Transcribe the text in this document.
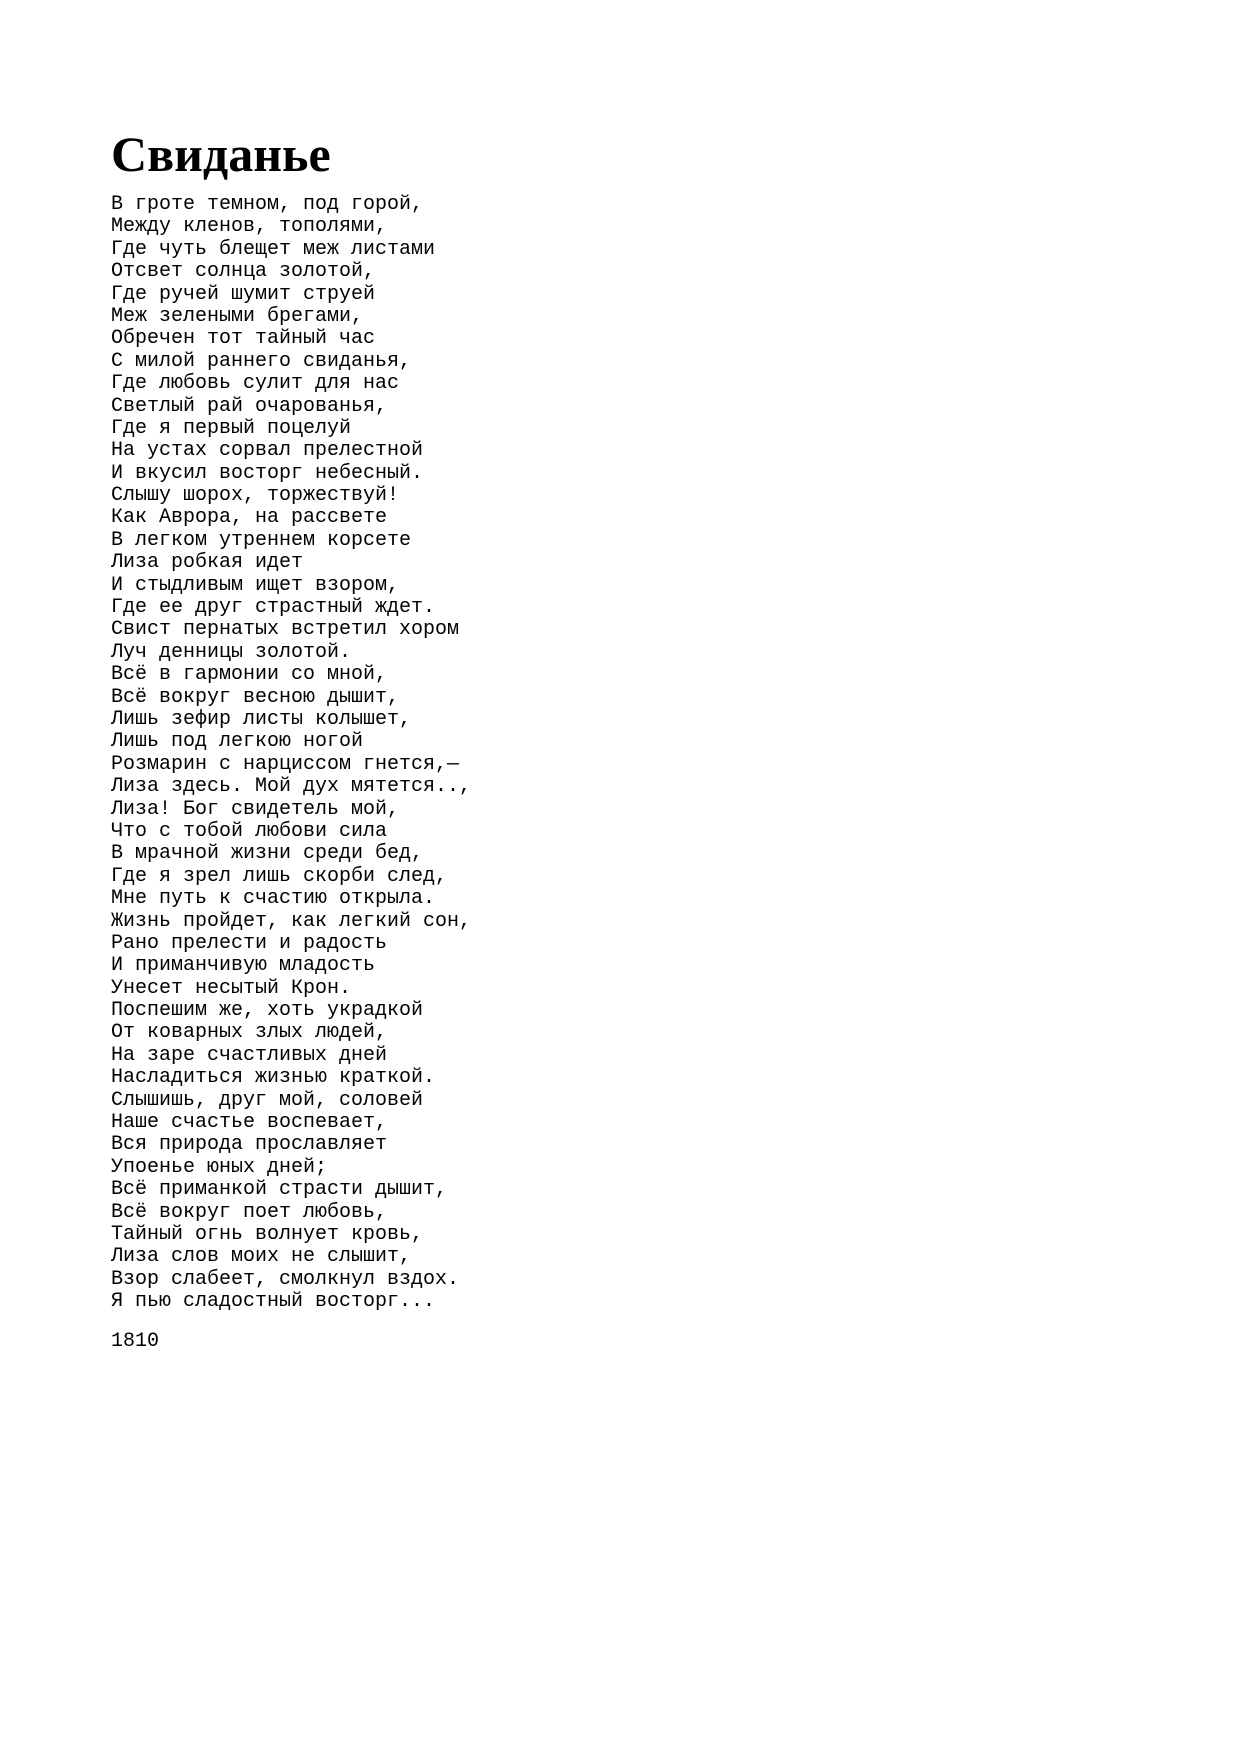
Свиданье
В гроте темном, под горой,
Между кленов, тополями,
Где чуть блещет меж листами
Отсвет солнца золотой,
Где ручей шумит струей
Меж зелеными брегами,
Обречен тот тайный час
С милой раннего свиданья,
Где любовь сулит для нас
Светлый рай очарованья,
Где я первый поцелуй
На устах сорвал прелестной
И вкусил восторг небесный.
Слышу шорох, торжествуй!
Как Аврора, на рассвете
В легком утреннем корсете
Лиза робкая идет
И стыдливым ищет взором,
Где ее друг страстный ждет.
Свист пернатых встретил хором
Луч денницы золотой.
Всё в гармонии со мной,
Всё вокруг весною дышит,
Лишь зефир листы колышет,
Лишь под легкою ногой
Розмарин с нарциссом гнется,—
Лиза здесь. Мой дух мятется..,
Лиза! Бог свидетель мой,
Что с тобой любови сила
В мрачной жизни среди бед,
Где я зрел лишь скорби след,
Мне путь к счастию открыла.
Жизнь пройдет, как легкий сон,
Рано прелести и радость
И приманчивую младость
Унесет несытый Крон.
Поспешим же, хоть украдкой
От коварных злых людей,
На заре счастливых дней
Насладиться жизнью краткой.
Слышишь, друг мой, соловей
Наше счастье воспевает,
Вся природа прославляет
Упоенье юных дней;
Всё приманкой страсти дышит,
Всё вокруг поет любовь,
Тайный огнь волнует кровь,
Лиза слов моих не слышит,
Взор слабеет, смолкнул вздох.
Я пью сладостный восторг...

1810
